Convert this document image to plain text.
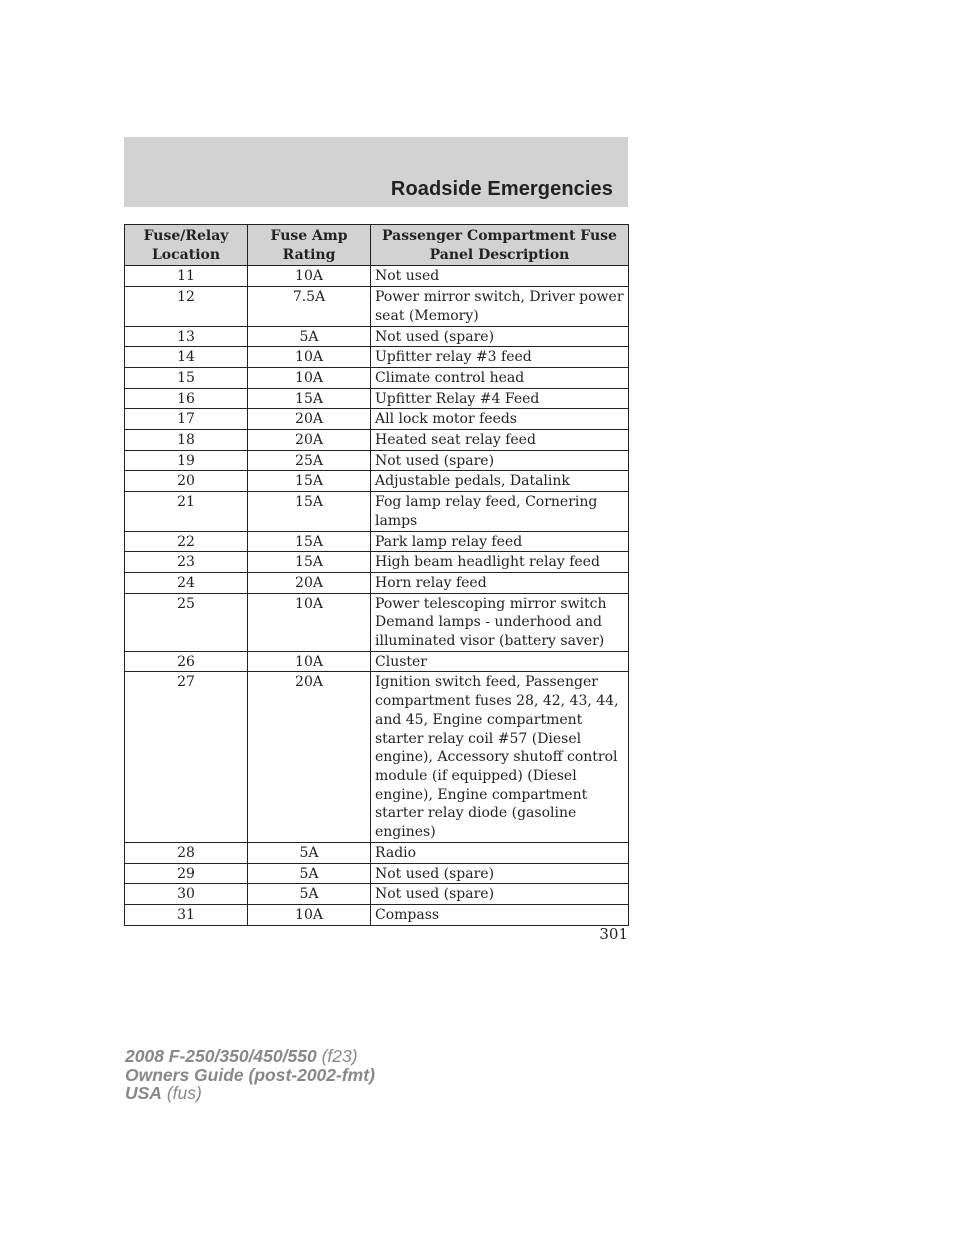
Roadside Emergencies
Fuse/Relay Location	Fuse Amp Rating	Passenger Compartment Fuse Panel Description
11	10A	Not used
12	7.5A	Power mirror switch, Driver power seat (Memory)
13	5A	Not used (spare)
14	10A	Upfitter relay #3 feed
15	10A	Climate control head
16	15A	Upfitter Relay #4 Feed
17	20A	All lock motor feeds
18	20A	Heated seat relay feed
19	25A	Not used (spare)
20	15A	Adjustable pedals, Datalink
21	15A	Fog lamp relay feed, Cornering lamps
22	15A	Park lamp relay feed
23	15A	High beam headlight relay feed
24	20A	Horn relay feed
25	10A	Power telescoping mirror switch Demand lamps - underhood and illuminated visor (battery saver)
26	10A	Cluster
27	20A	Ignition switch feed, Passenger compartment fuses 28, 42, 43, 44, and 45, Engine compartment starter relay coil #57 (Diesel engine), Accessory shutoff control module (if equipped) (Diesel engine), Engine compartment starter relay diode (gasoline engines)
28	5A	Radio
29	5A	Not used (spare)
30	5A	Not used (spare)
31	10A	Compass
301
2008 F-250/350/450/550 (f23)
Owners Guide (post-2002-fmt)
USA (fus)
